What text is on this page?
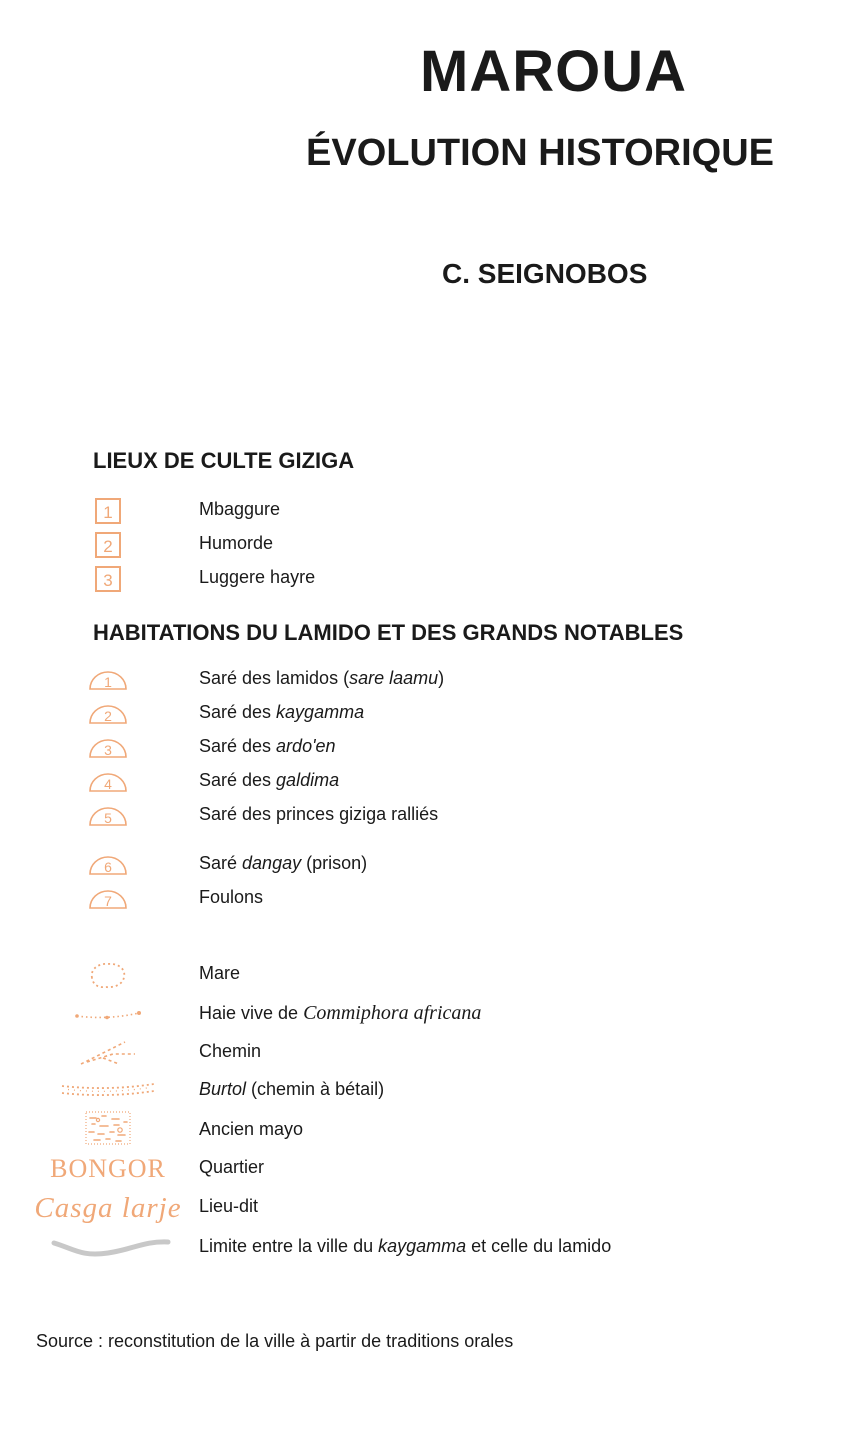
MAROUA
ÉVOLUTION HISTORIQUE
C. SEIGNOBOS
LIEUX DE CULTE GIZIGA
1	Mbaggure
2	Humorde
3	Luggere hayre
HABITATIONS DU LAMIDO ET DES GRANDS NOTABLES
1	Saré des lamidos (sare laamu)
2	Saré des kaygamma
3	Saré des ardo'en
4	Saré des galdima
5	Saré des princes giziga ralliés
6	Saré dangay (prison)
7	Foulons
Mare
Haie vive de Commiphora africana
Chemin
Burtol (chemin à bétail)
Ancien mayo
BONGOR Quartier
Casga larje Lieu-dit
Limite entre la ville du kaygamma et celle du lamido

Source : reconstitution de la ville à partir de traditions orales
